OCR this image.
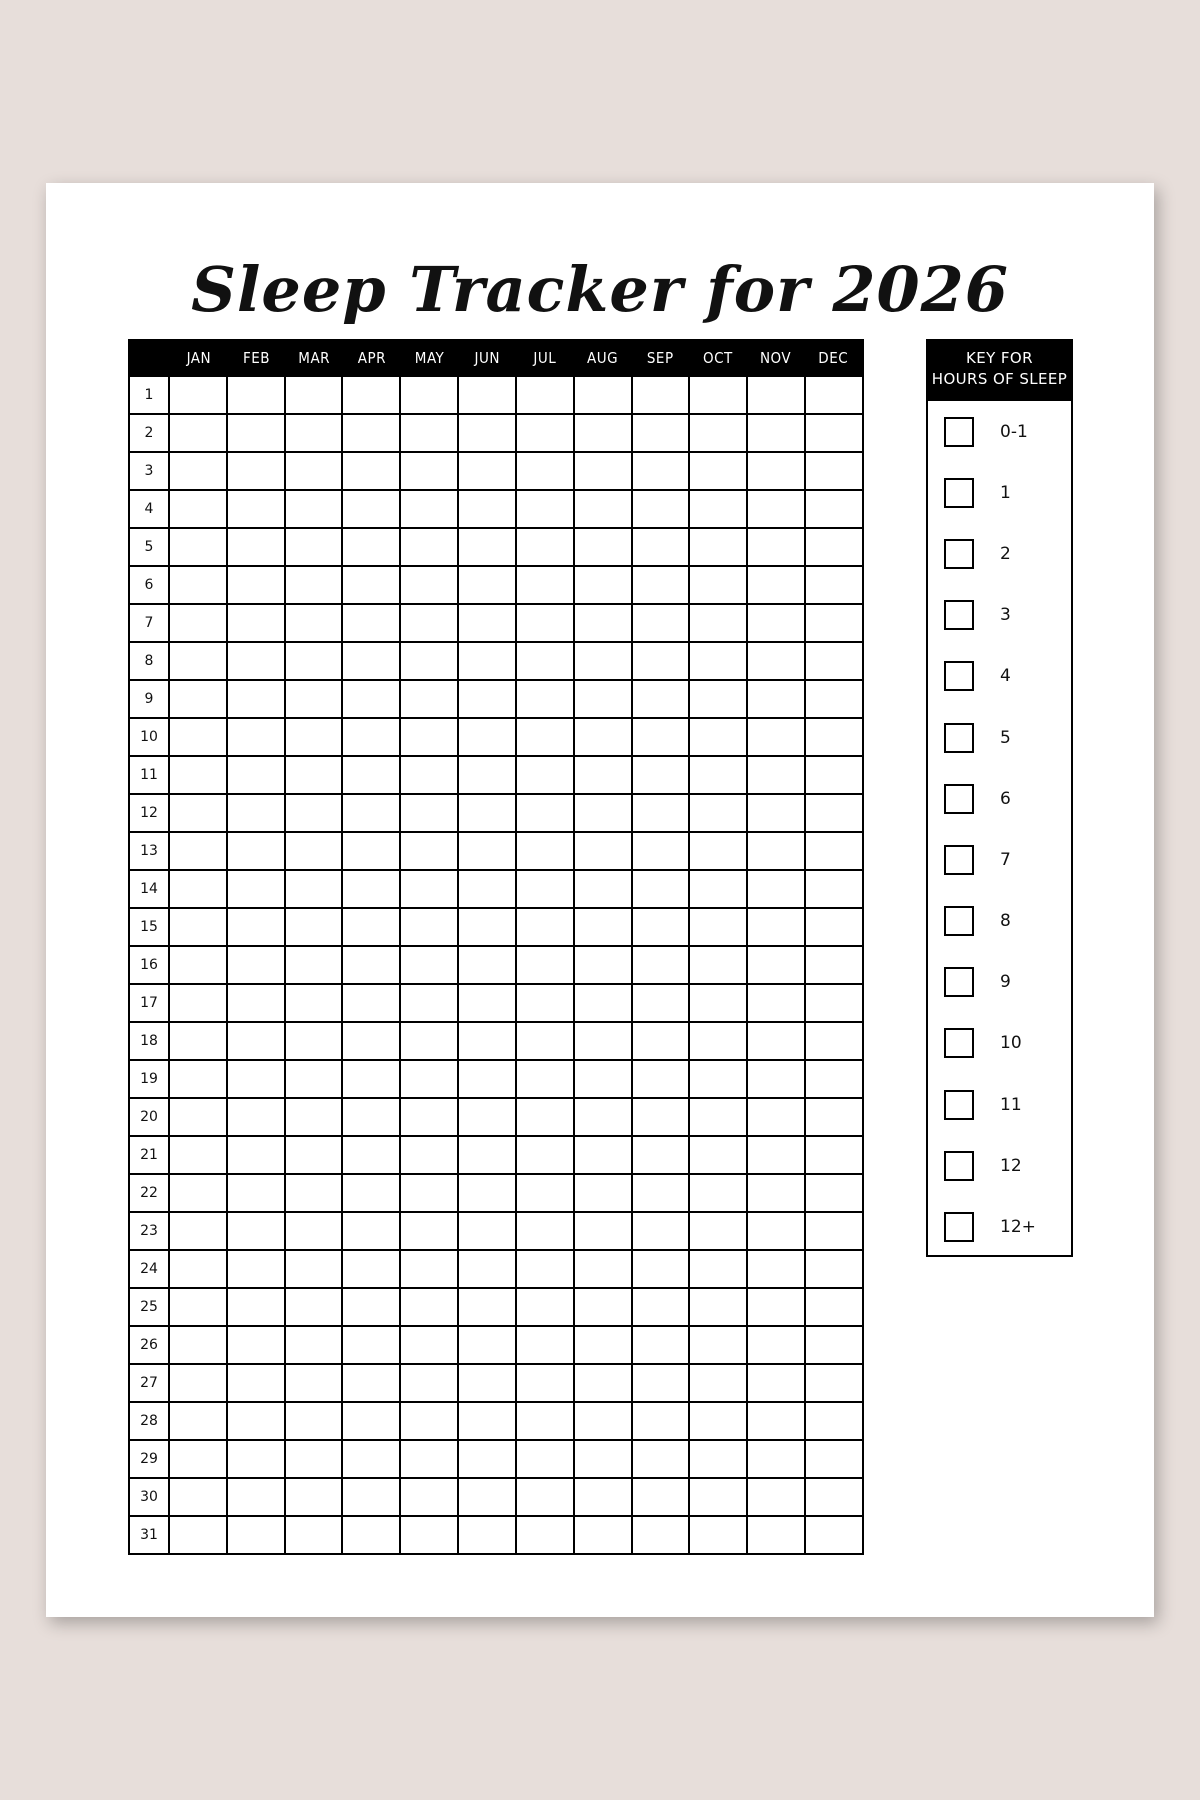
Sleep Tracker for 2026
JAN	FEB	MAR	APR	MAY	JUN	JUL	AUG	SEP	OCT	NOV	DEC
1
2
3
4
5
6
7
8
9
10
11
12
13
14
15
16
17
18
19
20
21
22
23
24
25
26
27
28
29
30
31
KEY FOR
HOURS OF SLEEP
0-1
1
2
3
4
5
6
7
8
9
10
11
12
12+
